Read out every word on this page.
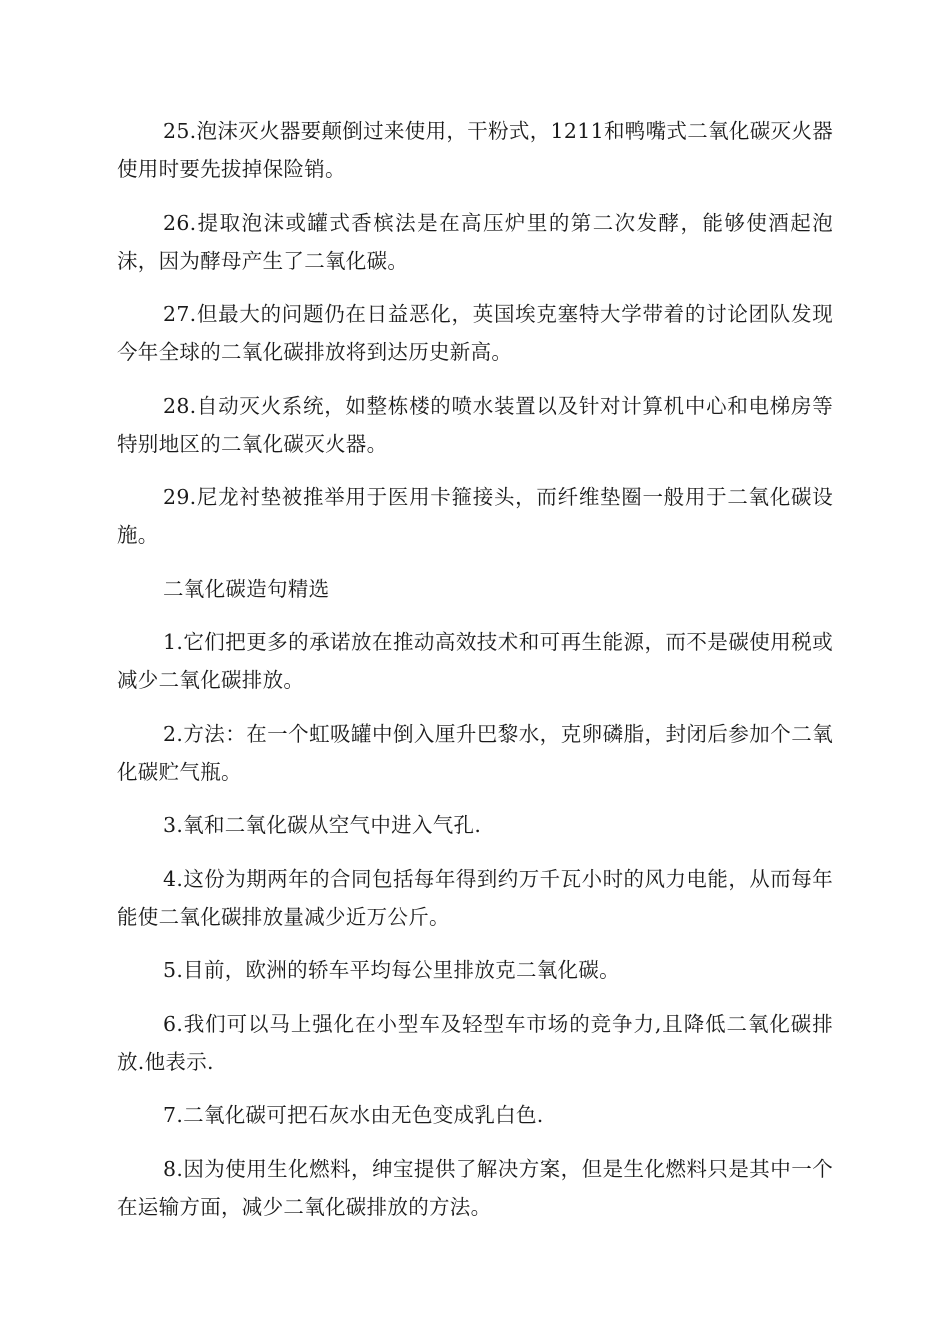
25.泡沫灭火器要颠倒过来使用，干粉式，1211和鸭嘴式二氧化碳灭火器使用时要先拔掉保险销。

26.提取泡沫或罐式香槟法是在高压炉里的第二次发酵，能够使酒起泡沫，因为酵母产生了二氧化碳。

27.但最大的问题仍在日益恶化，英国埃克塞特大学带着的讨论团队发现今年全球的二氧化碳排放将到达历史新高。

28.自动灭火系统，如整栋楼的喷水装置以及针对计算机中心和电梯房等特别地区的二氧化碳灭火器。

29.尼龙衬垫被推举用于医用卡箍接头，而纤维垫圈一般用于二氧化碳设施。

二氧化碳造句精选

1.它们把更多的承诺放在推动高效技术和可再生能源，而不是碳使用税或减少二氧化碳排放。

2.方法：在一个虹吸罐中倒入厘升巴黎水，克卵磷脂，封闭后参加个二氧化碳贮气瓶。

3.氧和二氧化碳从空气中进入气孔.

4.这份为期两年的合同包括每年得到约万千瓦小时的风力电能，从而每年能使二氧化碳排放量减少近万公斤。

5.目前，欧洲的轿车平均每公里排放克二氧化碳。

6.我们可以马上强化在小型车及轻型车市场的竞争力,且降低二氧化碳排放.他表示.

7.二氧化碳可把石灰水由无色变成乳白色.

8.因为使用生化燃料，绅宝提供了解决方案，但是生化燃料只是其中一个在运输方面，减少二氧化碳排放的方法。
